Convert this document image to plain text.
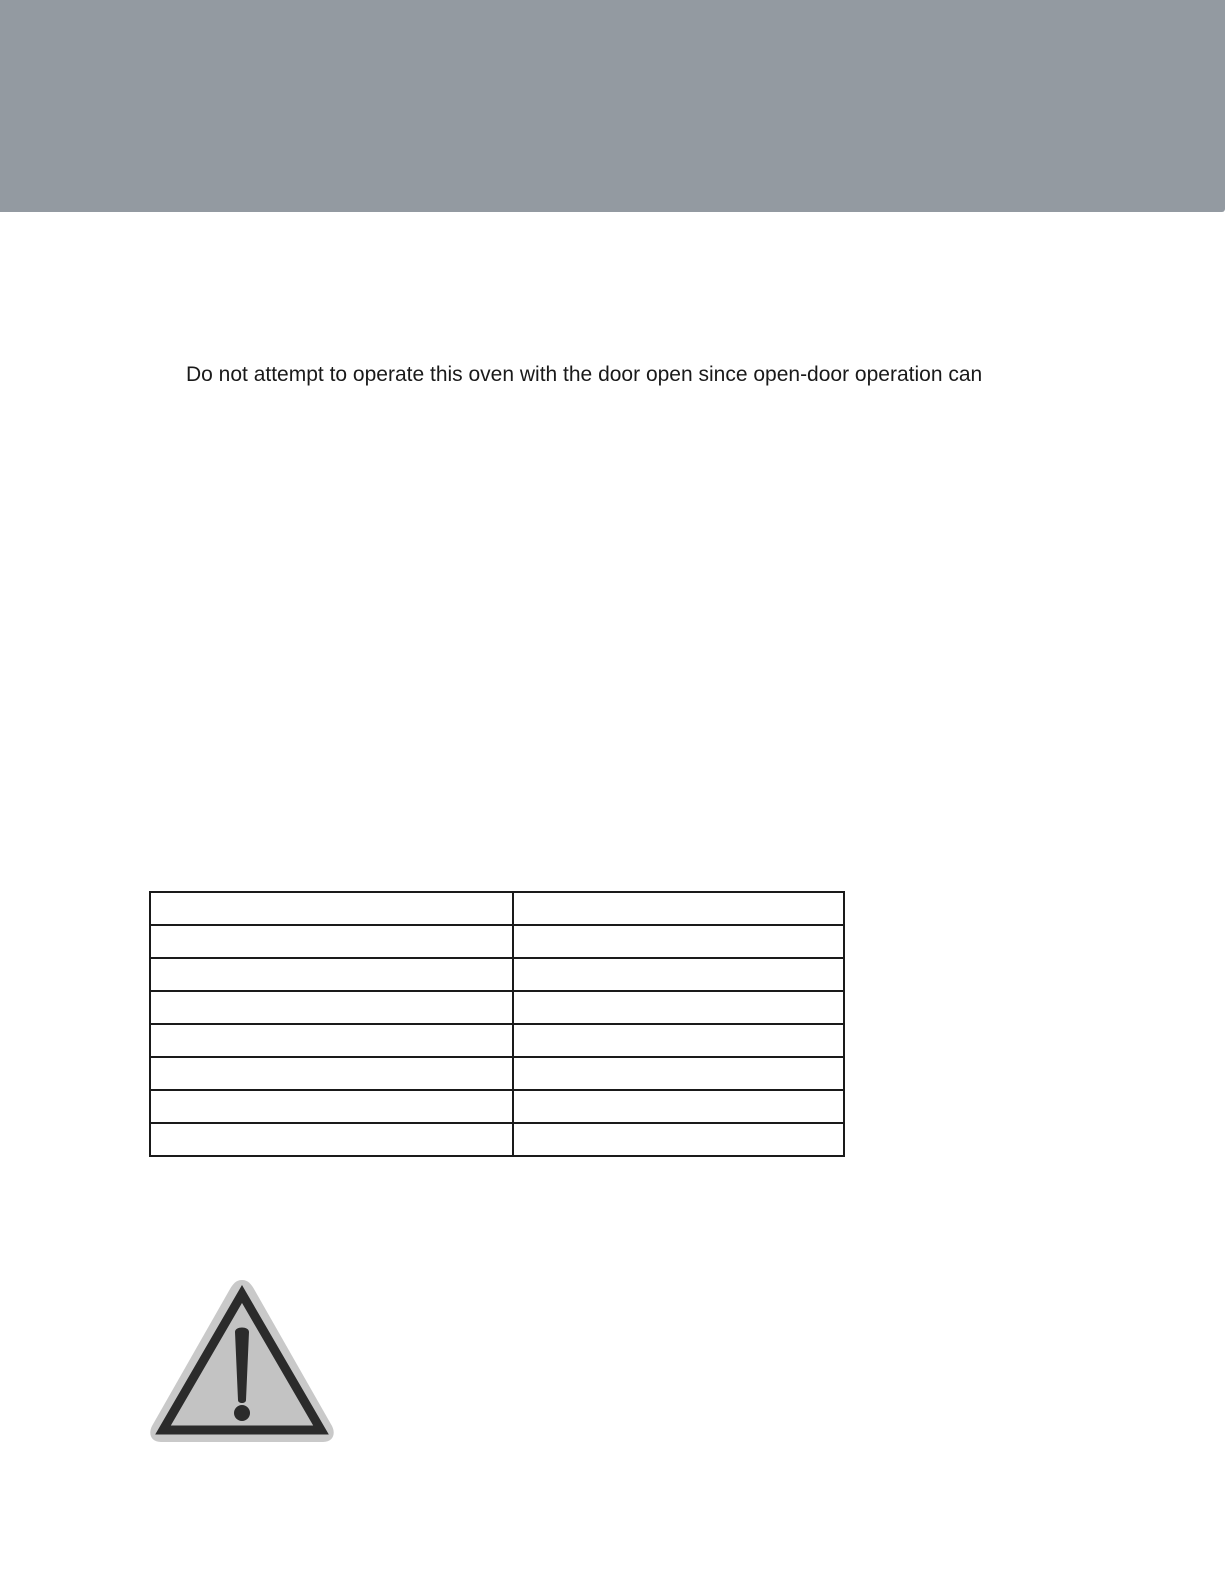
Do not attempt to operate this oven with the door open since open-door operation can
